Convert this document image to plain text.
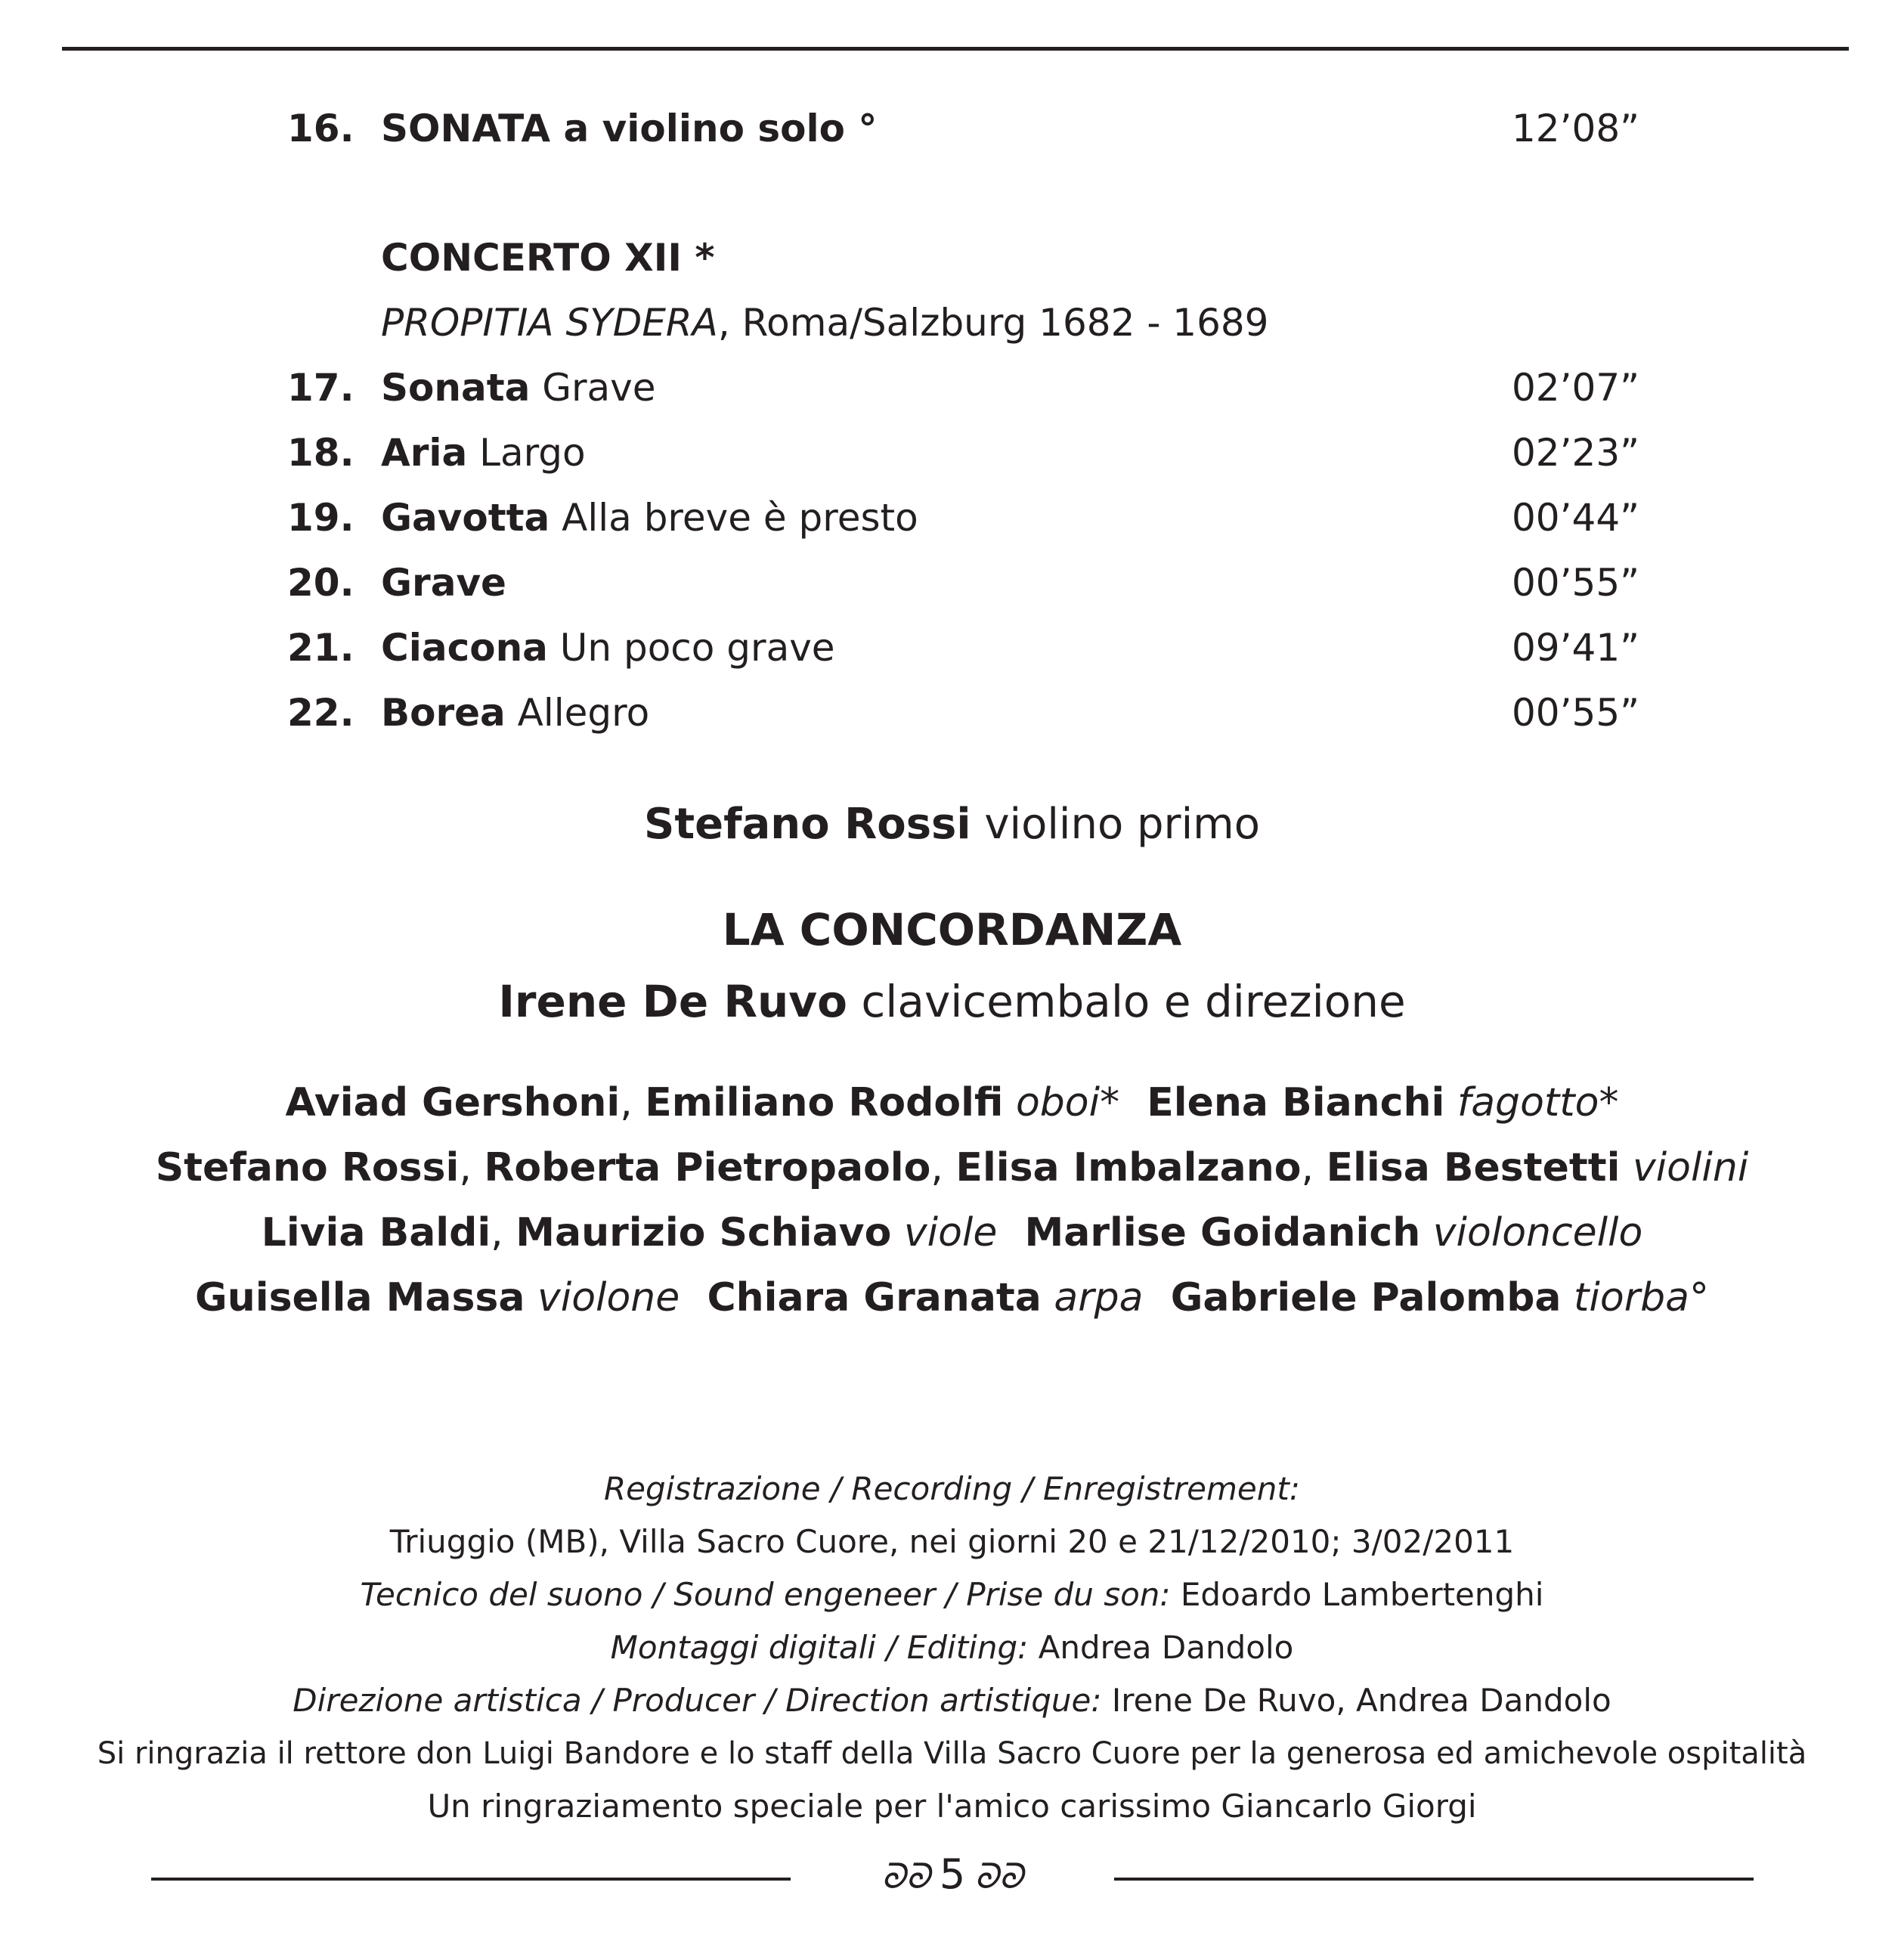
16. SONATA a violino solo °	12’08”
CONCERTO XII *
PROPITIA SYDERA, Roma/Salzburg 1682 - 1689
17. Sonata Grave	02’07”
18. Aria Largo	02’23”
19. Gavotta Alla breve è presto	00’44”
20. Grave	00’55”
21. Ciacona Un poco grave	09’41”
22. Borea Allegro	00’55”
Stefano Rossi violino primo
LA CONCORDANZA
Irene De Ruvo clavicembalo e direzione
Aviad Gershoni, Emiliano Rodolfi oboi*  Elena Bianchi fagotto*
Stefano Rossi, Roberta Pietropaolo, Elisa Imbalzano, Elisa Bestetti violini
Livia Baldi, Maurizio Schiavo viole  Marlise Goidanich violoncello
Guisella Massa violone  Chiara Granata arpa  Gabriele Palomba tiorba°
Registrazione / Recording / Enregistrement:
Triuggio (MB), Villa Sacro Cuore, nei giorni 20 e 21/12/2010; 3/02/2011
Tecnico del suono / Sound engeneer / Prise du son: Edoardo Lambertenghi
Montaggi digitali / Editing: Andrea Dandolo
Direzione artistica / Producer / Direction artistique: Irene De Ruvo, Andrea Dandolo
Si ringrazia il rettore don Luigi Bandore e lo staff della Villa Sacro Cuore per la generosa ed amichevole ospitalità
Un ringraziamento speciale per l'amico carissimo Giancarlo Giorgi
ᘐᘐ 5 ᘐᘐ
